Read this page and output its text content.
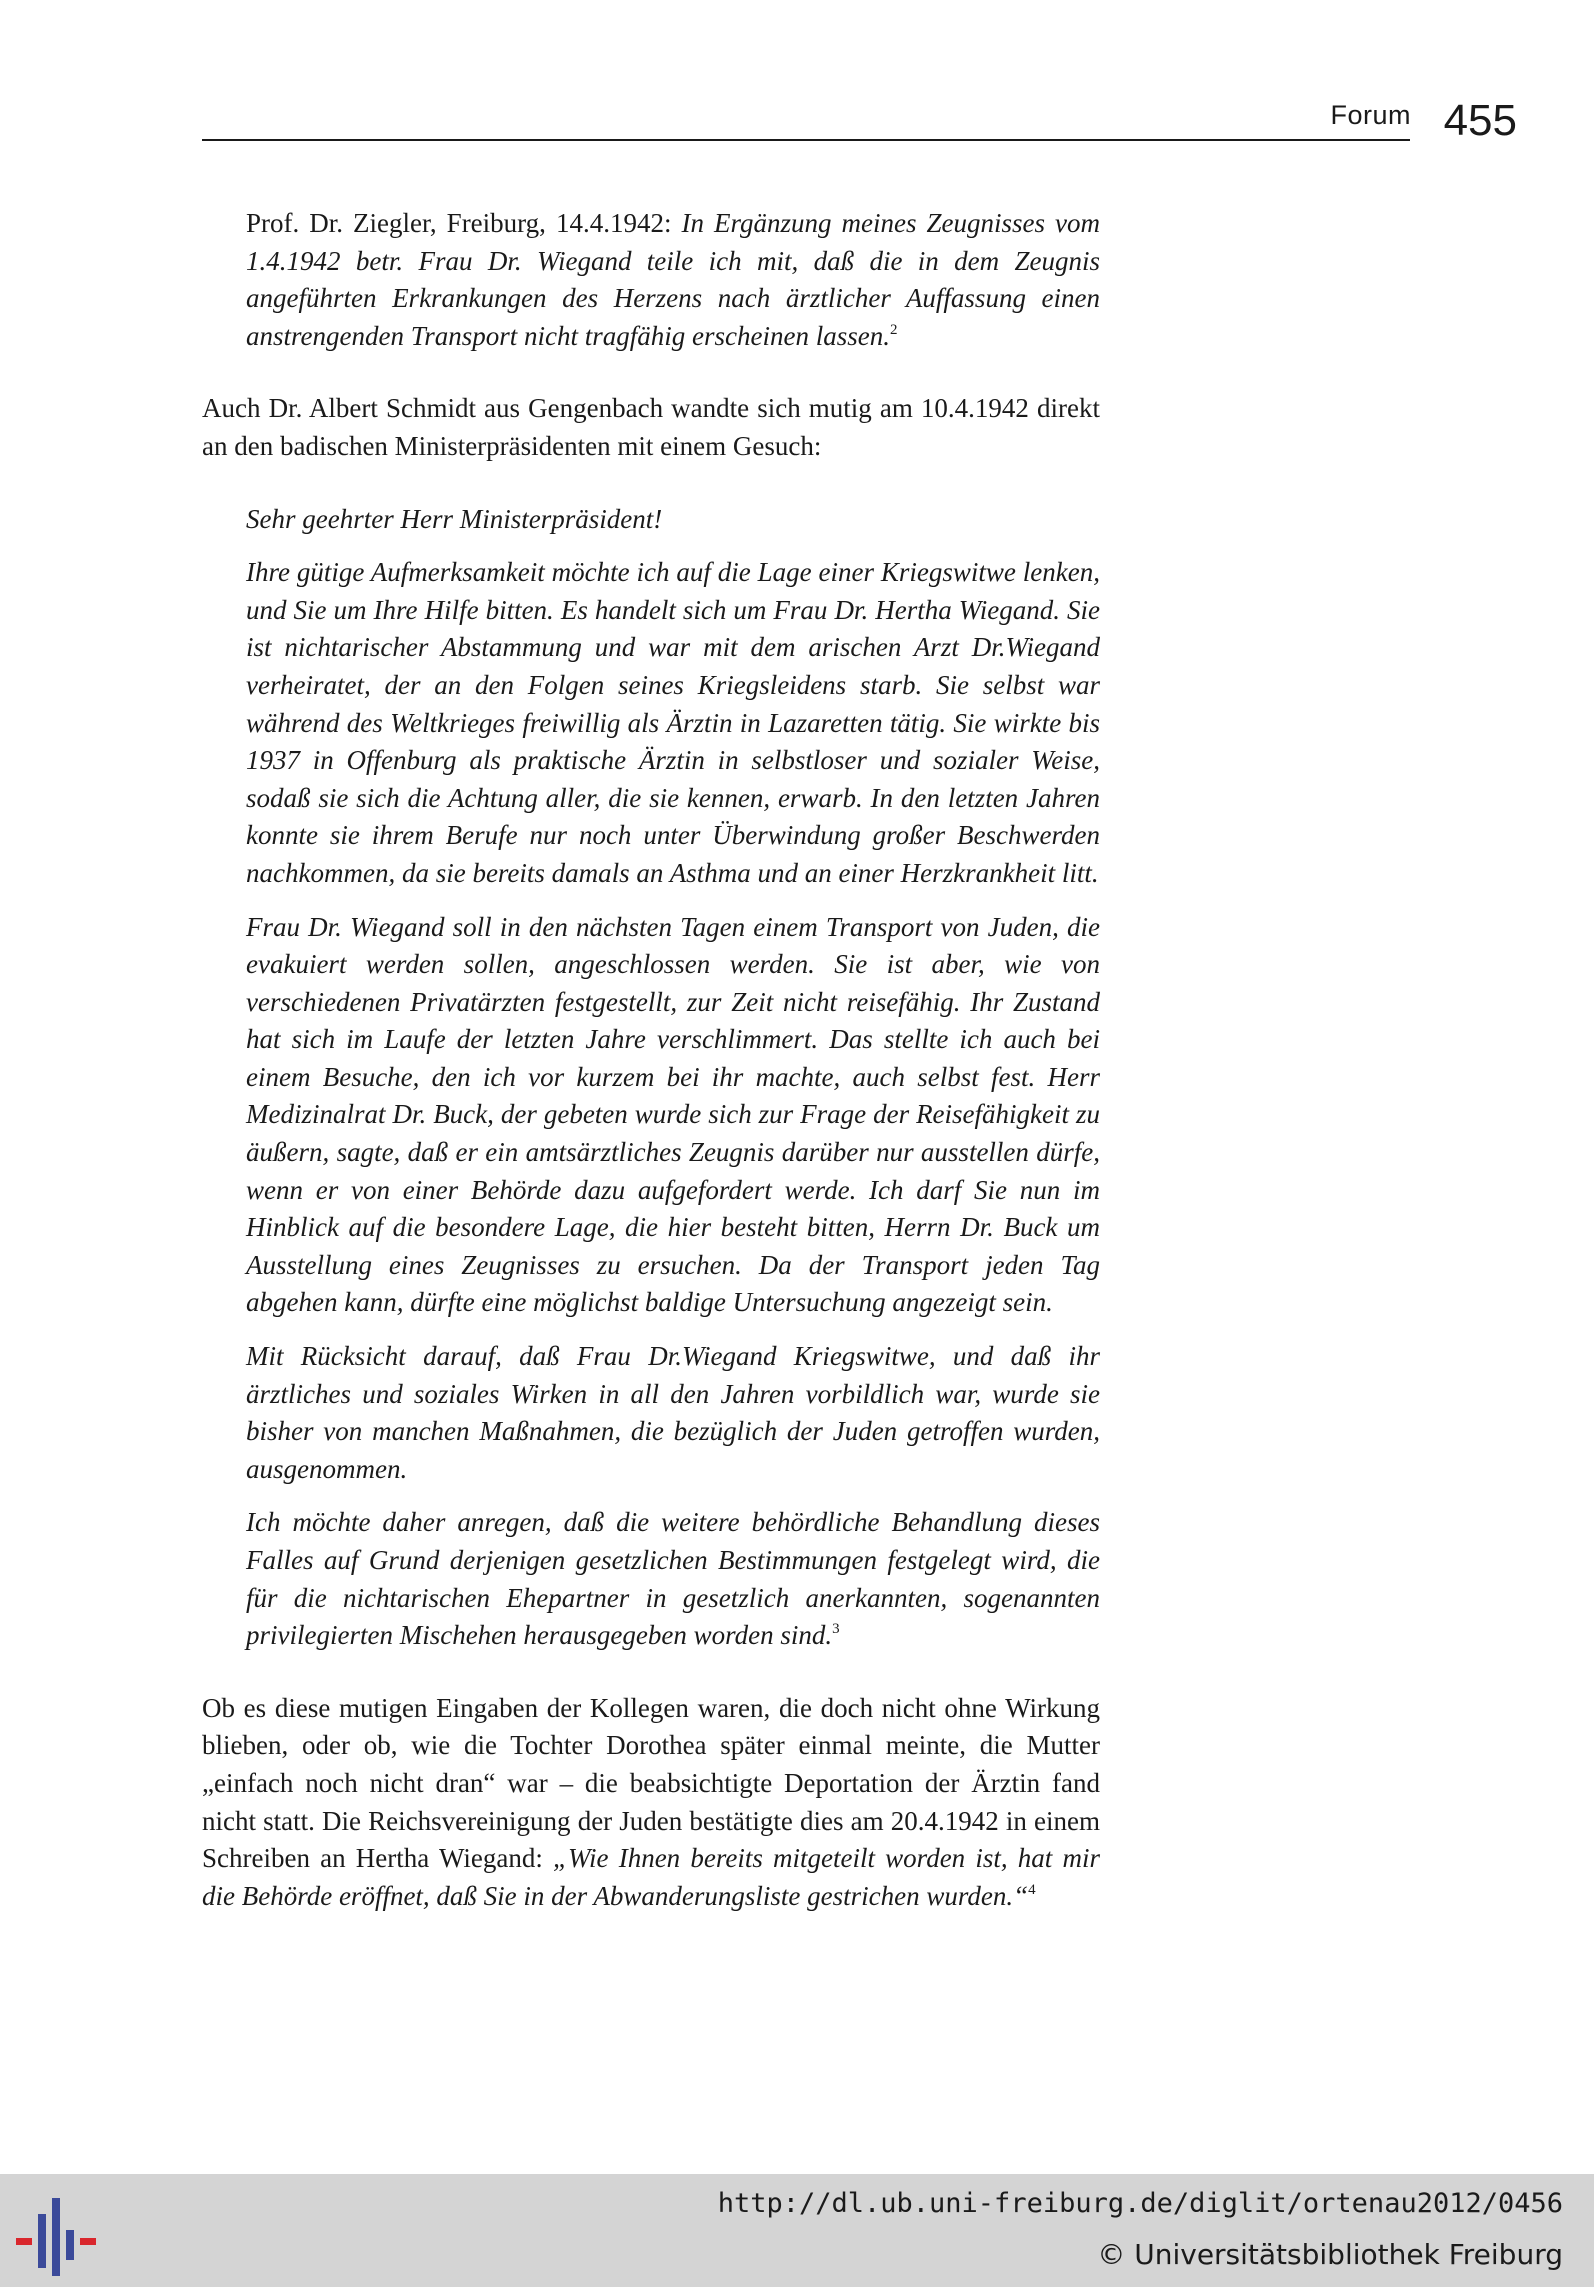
Forum 455

Prof. Dr. Ziegler, Freiburg, 14.4.1942: In Ergänzung meines Zeugnisses vom 1.4.1942 betr. Frau Dr. Wiegand teile ich mit, daß die in dem Zeugnis angeführten Erkrankungen des Herzens nach ärztlicher Auffassung einen anstrengenden Transport nicht tragfähig erscheinen lassen.$^2$

Auch Dr. Albert Schmidt aus Gengenbach wandte sich mutig am 10.4.1942 direkt an den badischen Ministerpräsidenten mit einem Gesuch:

Sehr geehrter Herr Ministerpräsident!

Ihre gütige Aufmerksamkeit möchte ich auf die Lage einer Kriegswitwe lenken, und Sie um Ihre Hilfe bitten. Es handelt sich um Frau Dr. Hertha Wiegand. Sie ist nichtarischer Abstammung und war mit dem arischen Arzt Dr.Wiegand verheiratet, der an den Folgen seines Kriegsleidens starb. Sie selbst war während des Weltkrieges freiwillig als Ärztin in Lazaretten tätig. Sie wirkte bis 1937 in Offenburg als praktische Ärztin in selbstloser und sozialer Weise, sodaß sie sich die Achtung aller, die sie kennen, erwarb. In den letzten Jahren konnte sie ihrem Berufe nur noch unter Überwindung großer Beschwerden nachkommen, da sie bereits damals an Asthma und an einer Herzkrankheit litt.

Frau Dr. Wiegand soll in den nächsten Tagen einem Transport von Juden, die evakuiert werden sollen, angeschlossen werden. Sie ist aber, wie von verschiedenen Privatärzten festgestellt, zur Zeit nicht reisefähig. Ihr Zustand hat sich im Laufe der letzten Jahre verschlimmert. Das stellte ich auch bei einem Besuche, den ich vor kurzem bei ihr machte, auch selbst fest. Herr Medizinalrat Dr. Buck, der gebeten wurde sich zur Frage der Reisefähigkeit zu äußern, sagte, daß er ein amtsärztliches Zeugnis darüber nur ausstellen dürfe, wenn er von einer Behörde dazu aufgefordert werde. Ich darf Sie nun im Hinblick auf die besondere Lage, die hier besteht bitten, Herrn Dr. Buck um Ausstellung eines Zeugnisses zu ersuchen. Da der Transport jeden Tag abgehen kann, dürfte eine möglichst baldige Untersuchung angezeigt sein.

Mit Rücksicht darauf, daß Frau Dr.Wiegand Kriegswitwe, und daß ihr ärztliches und soziales Wirken in all den Jahren vorbildlich war, wurde sie bisher von manchen Maßnahmen, die bezüglich der Juden getroffen wurden, ausgenommen.

Ich möchte daher anregen, daß die weitere behördliche Behandlung dieses Falles auf Grund derjenigen gesetzlichen Bestimmungen festgelegt wird, die für die nichtarischen Ehepartner in gesetzlich anerkannten, sogenannten privilegierten Mischehen herausgegeben worden sind.$^3$

Ob es diese mutigen Eingaben der Kollegen waren, die doch nicht ohne Wirkung blieben, oder ob, wie die Tochter Dorothea später einmal meinte, die Mutter „einfach noch nicht dran“ war – die beabsichtigte Deportation der Ärztin fand nicht statt. Die Reichsvereinigung der Juden bestätigte dies am 20.4.1942 in einem Schreiben an Hertha Wiegand: „Wie Ihnen bereits mitgeteilt worden ist, hat mir die Behörde eröffnet, daß Sie in der Abwanderungsliste gestrichen wurden.“$^4$

http://dl.ub.uni-freiburg.de/diglit/ortenau2012/0456
© Universitätsbibliothek Freiburg
